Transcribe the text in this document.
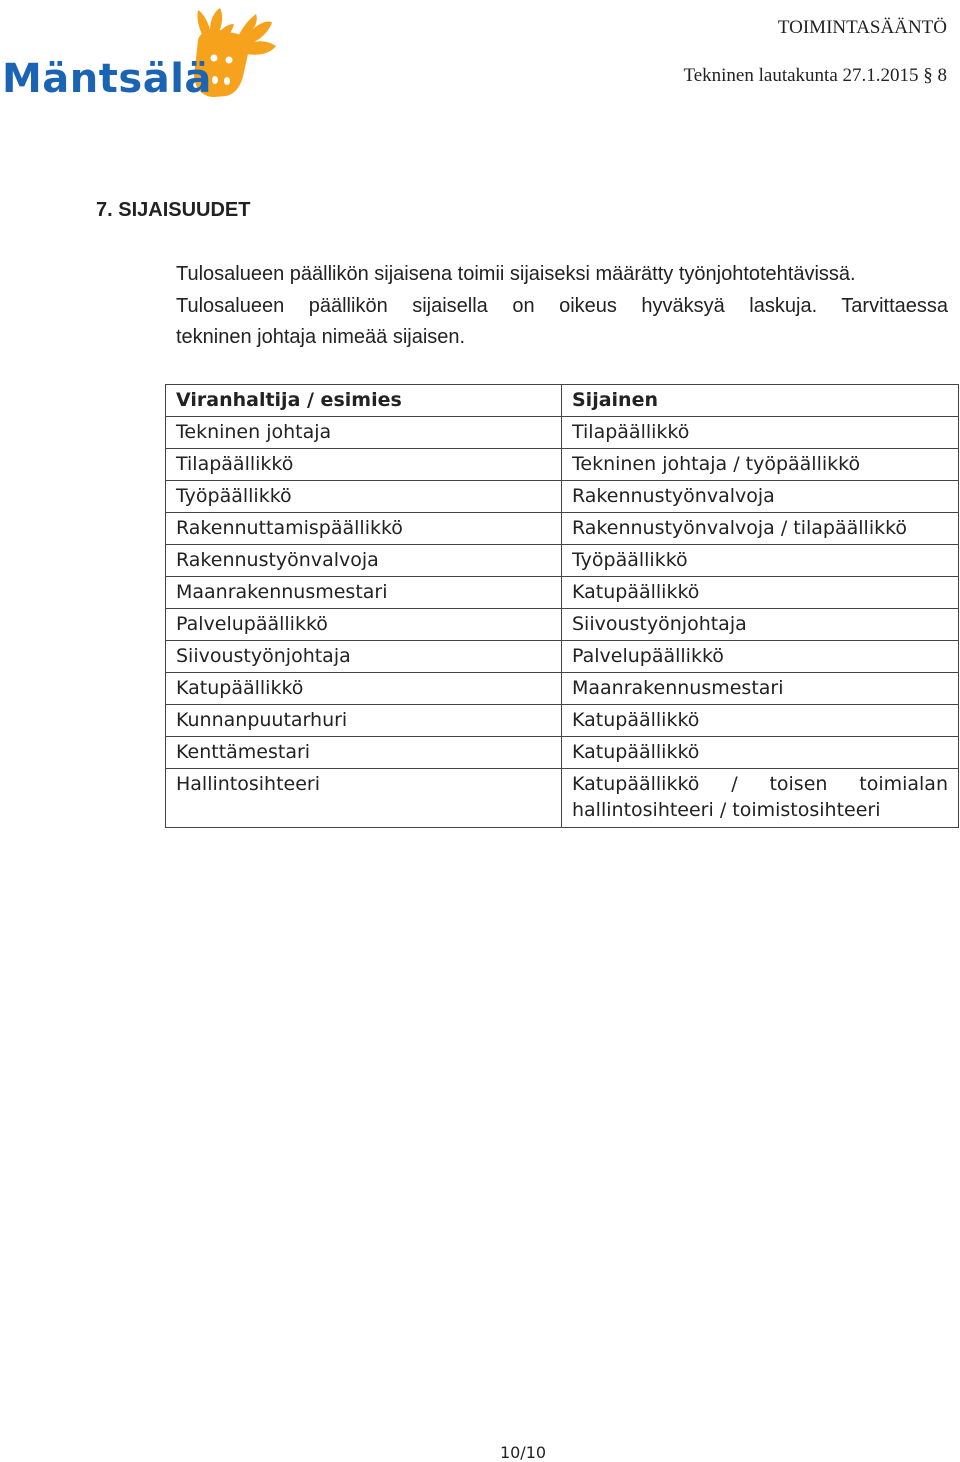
Mäntsälä
TOIMINTASÄÄNTÖ
Tekninen lautakunta 27.1.2015 § 8
7. SIJAISUUDET

Tulosalueen päällikön sijaisena toimii sijaiseksi määrätty työnjohtotehtävissä.
Tulosalueen päällikön sijaisella on oikeus hyväksyä laskuja. Tarvittaessa
tekninen johtaja nimeää sijaisen.

Viranhaltija / esimies	Sijainen
Tekninen johtaja	Tilapäällikkö
Tilapäällikkö	Tekninen johtaja / työpäällikkö
Työpäällikkö	Rakennustyönvalvoja
Rakennuttamispäällikkö	Rakennustyönvalvoja / tilapäällikkö
Rakennustyönvalvoja	Työpäällikkö
Maanrakennusmestari	Katupäällikkö
Palvelupäällikkö	Siivoustyönjohtaja
Siivoustyönjohtaja	Palvelupäällikkö
Katupäällikkö	Maanrakennusmestari
Kunnanpuutarhuri	Katupäällikkö
Kenttämestari	Katupäällikkö
Hallintosihteeri	Katupäällikkö / toisen toimialan
hallintosihteeri / toimistosihteeri
10/10
